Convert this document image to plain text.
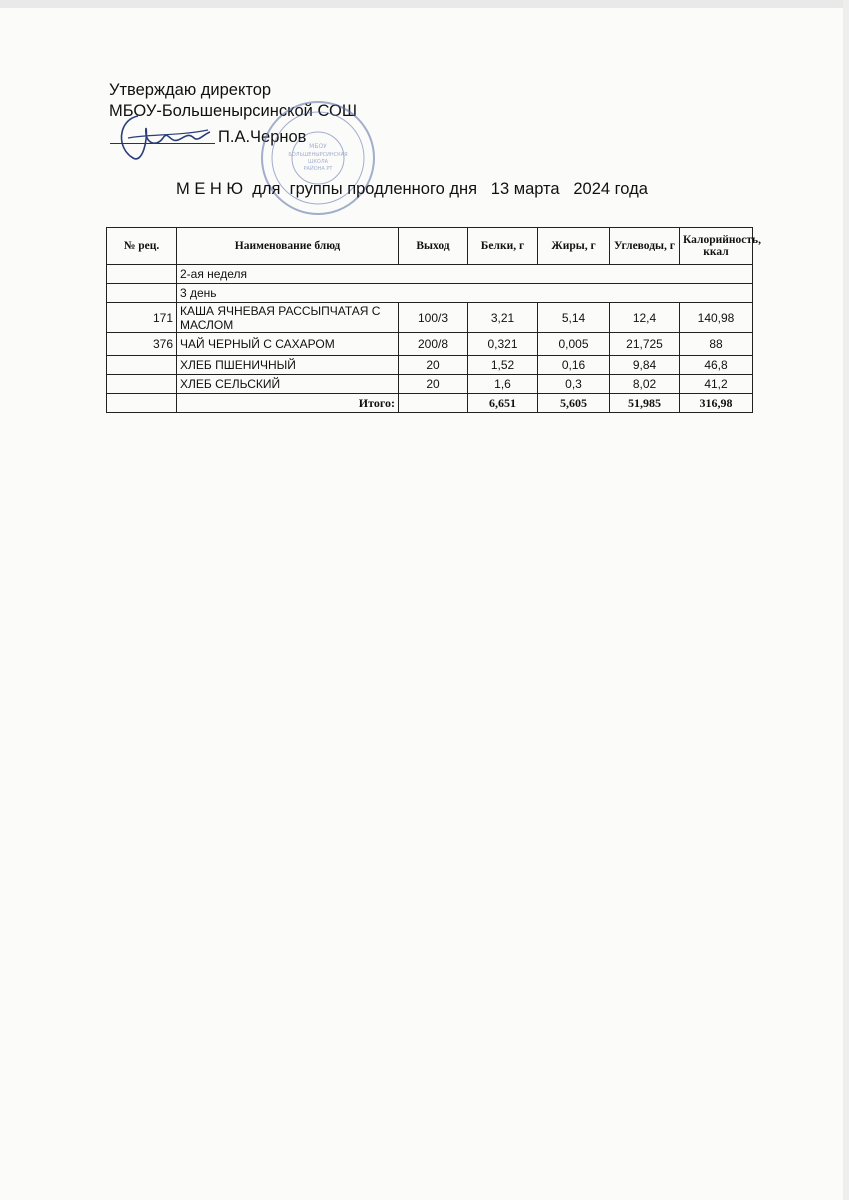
Утверждаю директор
МБОУ-Большеныpсинской СОШ
П.А.Чернов
МБОУ
БОЛЬШЕНЫРСИНСКАЯ
ШКОЛА
РАЙОНА РТ
М Е Н Ю  для  группы продленного дня   13 марта   2024 года
№ рец.	Наименование блюд	Выход	Белки, г	Жиры, г	Углеводы, г	Калорийность, ккал
	2-ая неделя					
	3 день					
171	КАША ЯЧНЕВАЯ РАССЫПЧАТАЯ С МАСЛОМ	100/3	3,21	5,14	12,4	140,98
376	ЧАЙ ЧЕРНЫЙ С САХАРОМ	200/8	0,321	0,005	21,725	88
	ХЛЕБ ПШЕНИЧНЫЙ	20	1,52	0,16	9,84	46,8
	ХЛЕБ СЕЛЬСКИЙ	20	1,6	0,3	8,02	41,2
	Итого:		6,651	5,605	51,985	316,98
